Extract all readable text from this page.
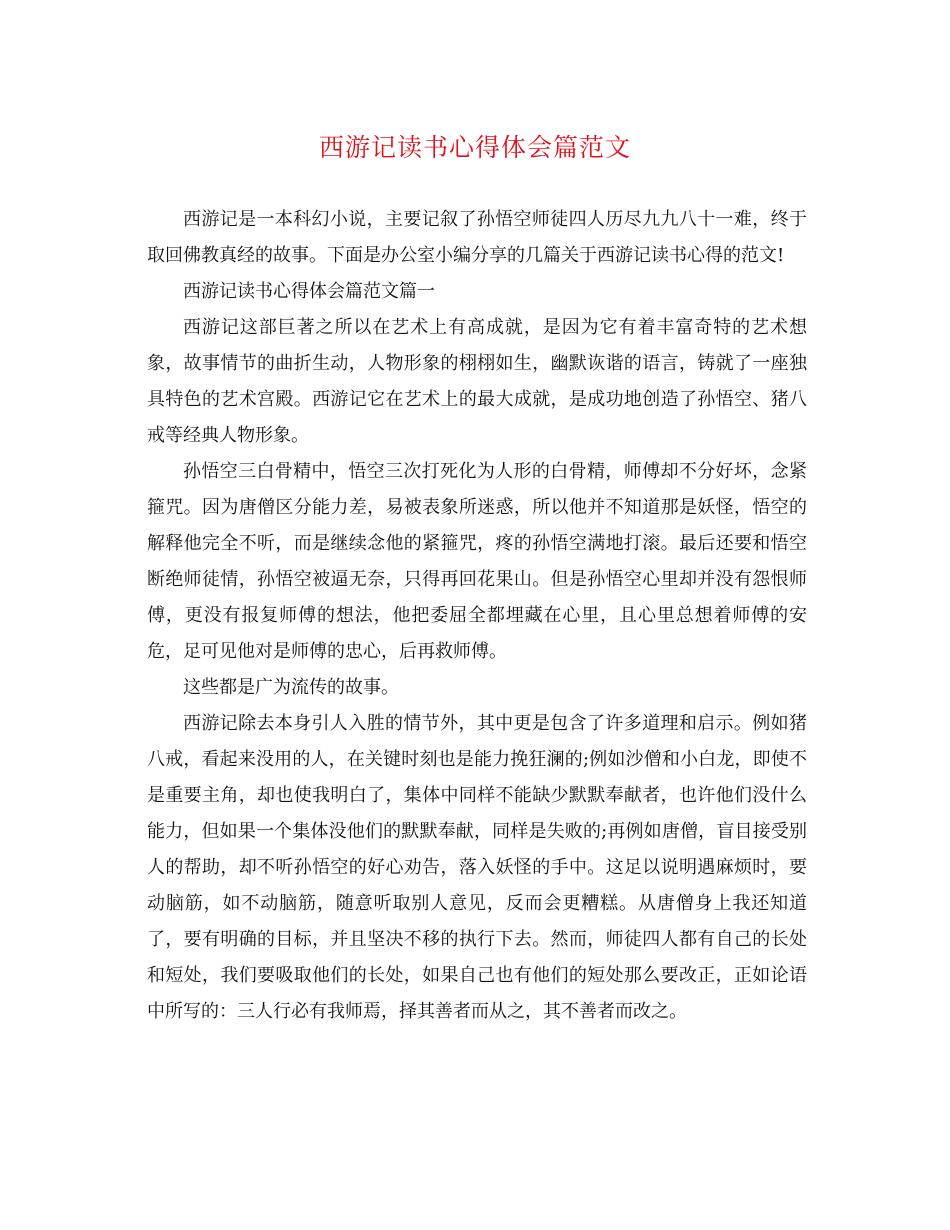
西游记读书心得体会篇范文

西游记是一本科幻小说，主要记叙了孙悟空师徒四人历尽九九八十一难，终于取回佛教真经的故事。下面是办公室小编分享的几篇关于西游记读书心得的范文!

西游记读书心得体会篇范文篇一

西游记这部巨著之所以在艺术上有高成就，是因为它有着丰富奇特的艺术想象，故事情节的曲折生动，人物形象的栩栩如生，幽默诙谐的语言，铸就了一座独具特色的艺术宫殿。西游记它在艺术上的最大成就，是成功地创造了孙悟空、猪八戒等经典人物形象。

孙悟空三白骨精中，悟空三次打死化为人形的白骨精，师傅却不分好坏，念紧箍咒。因为唐僧区分能力差，易被表象所迷惑，所以他并不知道那是妖怪，悟空的解释他完全不听，而是继续念他的紧箍咒，疼的孙悟空满地打滚。最后还要和悟空断绝师徒情，孙悟空被逼无奈，只得再回花果山。但是孙悟空心里却并没有怨恨师傅，更没有报复师傅的想法，他把委屈全都埋藏在心里，且心里总想着师傅的安危，足可见他对是师傅的忠心，后再救师傅。

这些都是广为流传的故事。

西游记除去本身引人入胜的情节外，其中更是包含了许多道理和启示。例如猪八戒，看起来没用的人，在关键时刻也是能力挽狂澜的;例如沙僧和小白龙，即使不是重要主角，却也使我明白了，集体中同样不能缺少默默奉献者，也许他们没什么能力，但如果一个集体没他们的默默奉献，同样是失败的;再例如唐僧，盲目接受别人的帮助，却不听孙悟空的好心劝告，落入妖怪的手中。这足以说明遇麻烦时，要动脑筋，如不动脑筋，随意听取别人意见，反而会更糟糕。从唐僧身上我还知道了，要有明确的目标，并且坚决不移的执行下去。然而，师徒四人都有自己的长处和短处，我们要吸取他们的长处，如果自己也有他们的短处那么要改正，正如论语中所写的：三人行必有我师焉，择其善者而从之，其不善者而改之。
